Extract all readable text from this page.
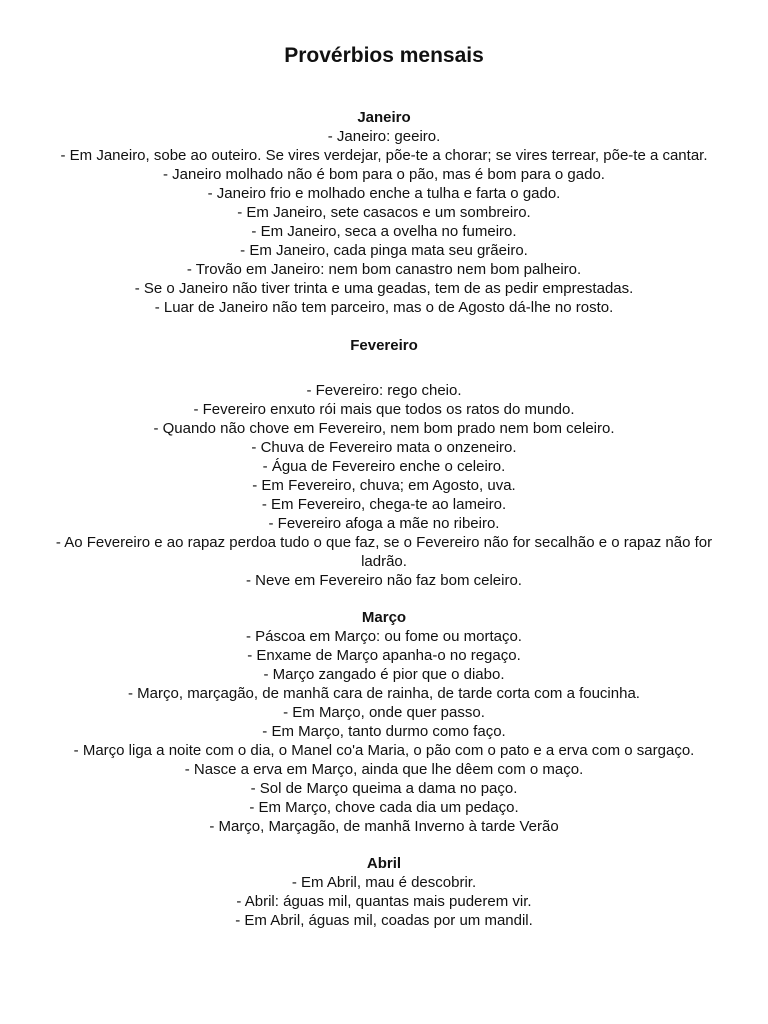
Provérbios mensais
Janeiro
- Janeiro: geeiro.
- Em Janeiro, sobe ao outeiro. Se vires verdejar, põe-te a chorar; se vires terrear, põe-te a cantar.
- Janeiro molhado não é bom para o pão, mas é bom para o gado.
- Janeiro frio e molhado enche a tulha e farta o gado.
- Em Janeiro, sete casacos e um sombreiro.
- Em Janeiro, seca a ovelha no fumeiro.
- Em Janeiro, cada pinga mata seu grãeiro.
- Trovão em Janeiro: nem bom canastro nem bom palheiro.
- Se o Janeiro não tiver trinta e uma geadas, tem de as pedir emprestadas.
- Luar de Janeiro não tem parceiro, mas o de Agosto dá-lhe no rosto.
Fevereiro
- Fevereiro: rego cheio.
- Fevereiro enxuto rói mais que todos os ratos do mundo.
- Quando não chove em Fevereiro, nem bom prado nem bom celeiro.
- Chuva de Fevereiro mata o onzeneiro.
- Água de Fevereiro enche o celeiro.
- Em Fevereiro, chuva; em Agosto, uva.
- Em Fevereiro, chega-te ao lameiro.
- Fevereiro afoga a mãe no ribeiro.
- Ao Fevereiro e ao rapaz perdoa tudo o que faz, se o Fevereiro não for secalhão e o rapaz não for ladrão.
- Neve em Fevereiro não faz bom celeiro.
Março
- Páscoa em Março: ou fome ou mortaço.
- Enxame de Março apanha-o no regaço.
- Março zangado é pior que o diabo.
- Março, marçagão, de manhã cara de rainha, de tarde corta com a foucinha.
- Em Março, onde quer passo.
- Em Março, tanto durmo como faço.
- Março liga a noite com o dia, o Manel co'a Maria, o pão com o pato e a erva com o sargaço.
- Nasce a erva em Março, ainda que lhe dêem com o maço.
- Sol de Março queima a dama no paço.
- Em Março, chove cada dia um pedaço.
- Março, Marçagão, de manhã Inverno à tarde Verão
Abril
- Em Abril, mau é descobrir.
- Abril: águas mil, quantas mais puderem vir.
- Em Abril, águas mil, coadas por um mandil.
